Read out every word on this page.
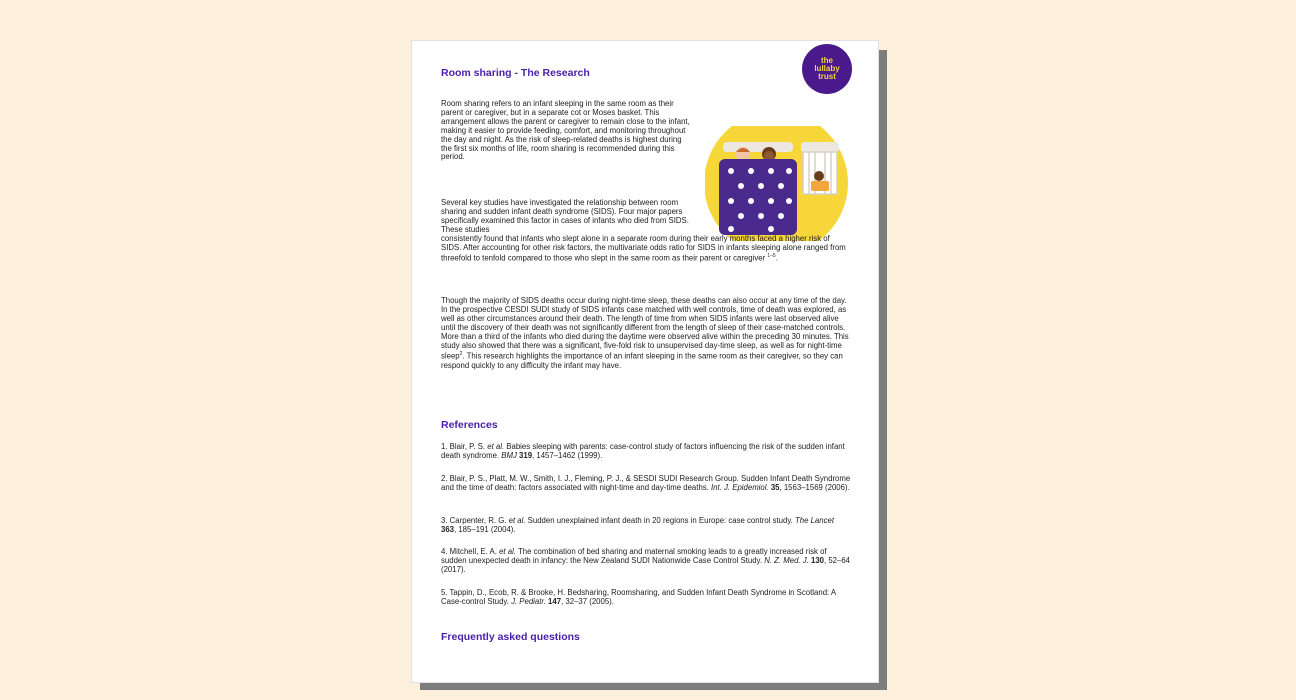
the
lullaby
trust
Room sharing - The Research

Room sharing refers to an infant sleeping in the same room as their parent or caregiver, but in a separate cot or Moses basket. This arrangement allows the parent or caregiver to remain close to the infant, making it easier to provide feeding, comfort, and monitoring throughout the day and night. As the risk of sleep-related deaths is highest during the first six months of life, room sharing is recommended during this period.

Several key studies have investigated the relationship between room sharing and sudden infant death syndrome (SIDS). Four major papers specifically examined this factor in cases of infants who died from SIDS. These studies
consistently found that infants who slept alone in a separate room during their early months faced a higher risk of SIDS. After accounting for other risk factors, the multivariate odds ratio for SIDS in infants sleeping alone ranged from threefold to tenfold compared to those who slept in the same room as their parent or caregiver $^{1-5}$.

Though the majority of SIDS deaths occur during night-time sleep, these deaths can also occur at any time of the day. In the prospective CESDI SUDI study of SIDS infants case matched with well controls, time of death was explored, as well as other circumstances around their death. The length of time from when SIDS infants were last observed alive until the discovery of their death was not significantly different from the length of sleep of their case-matched controls. More than a third of the infants who died during the daytime were observed alive within the preceding 30 minutes. This study also showed that there was a significant, five-fold risk to unsupervised day-time sleep, as well as for night-time sleep$^2$. This research highlights the importance of an infant sleeping in the same room as their caregiver, so they can respond quickly to any difficulty the infant may have.

References

1. Blair, P. S. et al. Babies sleeping with parents: case-control study of factors influencing the risk of the sudden infant death syndrome. BMJ 319, 1457–1462 (1999).

2. Blair, P. S., Platt, M. W., Smith, I. J., Fleming, P. J., & SESDI SUDI Research Group. Sudden Infant Death Syndrome and the time of death: factors associated with night-time and day-time deaths. Int. J. Epidemiol. 35, 1563–1569 (2006).

3. Carpenter, R. G. et al. Sudden unexplained infant death in 20 regions in Europe: case control study. The Lancet 363, 185–191 (2004).

4. Mitchell, E. A. et al. The combination of bed sharing and maternal smoking leads to a greatly increased risk of sudden unexpected death in infancy: the New Zealand SUDI Nationwide Case Control Study. N. Z. Med. J. 130, 52–64 (2017).

5. Tappin, D., Ecob, R. & Brooke, H. Bedsharing, Roomsharing, and Sudden Infant Death Syndrome in Scotland: A Case-control Study. J. Pediatr. 147, 32–37 (2005).

Frequently asked questions
